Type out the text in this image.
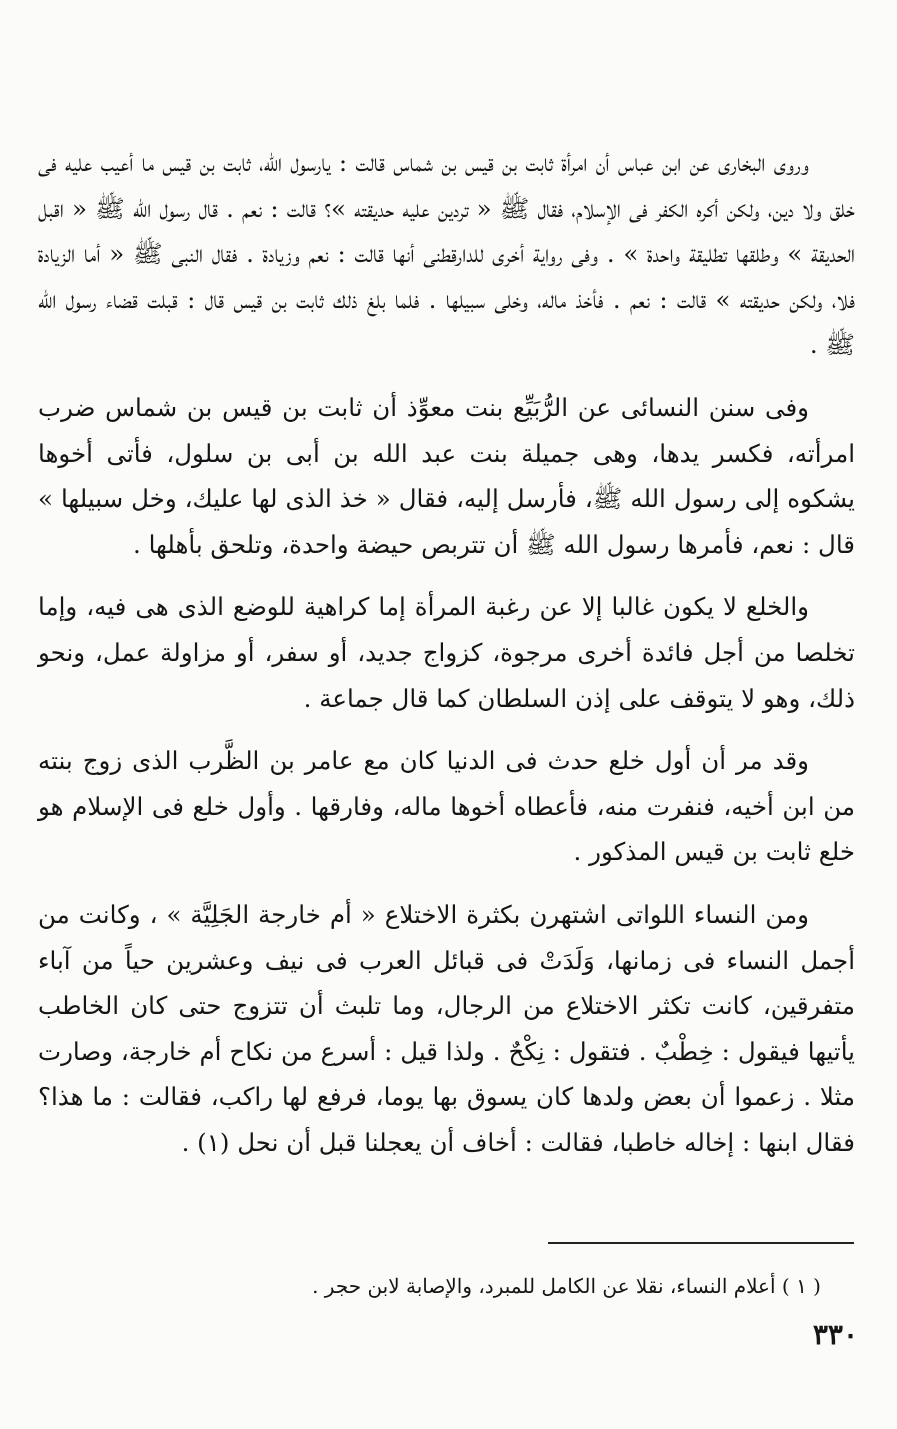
وروى البخارى عن ابن عباس أن امرأة ثابت بن قيس بن شماس قالت : يارسول الله، ثابت بن قيس ما أعيب عليه فى خلق ولا دين، ولكن أكره الكفر فى الإسلام، فقال ﷺ « تردين عليه حديقته »؟ قالت : نعم . قال رسول الله ﷺ « اقبل الحديقة » وطلقها تطليقة واحدة » . وفى رواية أخرى للدارقطنى أنها قالت : نعم وزيادة . فقال النبى ﷺ « أما الزيادة فلا، ولكن حديقته » قالت : نعم . فأخذ ماله، وخلى سبيلها . فلما بلغ ذلك ثابت بن قيس قال : قبلت قضاء رسول الله ﷺ .

وفى سنن النسائى عن الرُّبَيِّع بنت معوِّذ أن ثابت بن قيس بن شماس ضرب امرأته، فكسر يدها، وهى جميلة بنت عبد الله بن أبى بن سلول، فأتى أخوها يشكوه إلى رسول الله ﷺ، فأرسل إليه، فقال « خذ الذى لها عليك، وخل سبيلها » قال : نعم، فأمرها رسول الله ﷺ أن تتربص حيضة واحدة، وتلحق بأهلها .

والخلع لا يكون غالبا إلا عن رغبة المرأة إما كراهية للوضع الذى هى فيه، وإما تخلصا من أجل فائدة أخرى مرجوة، كزواج جديد، أو سفر، أو مزاولة عمل، ونحو ذلك، وهو لا يتوقف على إذن السلطان كما قال جماعة .

وقد مر أن أول خلع حدث فى الدنيا كان مع عامر بن الظَّرب الذى زوج بنته من ابن أخيه، فنفرت منه، فأعطاه أخوها ماله، وفارقها . وأول خلع فى الإسلام هو خلع ثابت بن قيس المذكور .

ومن النساء اللواتى اشتهرن بكثرة الاختلاع « أم خارجة الجَلِيَّة » ، وكانت من أجمل النساء فى زمانها، وَلَدَتْ فى قبائل العرب فى نيف وعشرين حياً من آباء متفرقين، كانت تكثر الاختلاع من الرجال، وما تلبث أن تتزوج حتى كان الخاطب يأتيها فيقول : خِطْبٌ . فتقول : نِكْحٌ . ولذا قيل : أسرع من نكاح أم خارجة، وصارت مثلا . زعموا أن بعض ولدها كان يسوق بها يوما، فرفع لها راكب، فقالت : ما هذا؟ فقال ابنها : إخاله خاطبا، فقالت : أخاف أن يعجلنا قبل أن نحل (١) .

( ١ ) أعلام النساء، نقلا عن الكامل للمبرد، والإصابة لابن حجر .
٣٣٠
